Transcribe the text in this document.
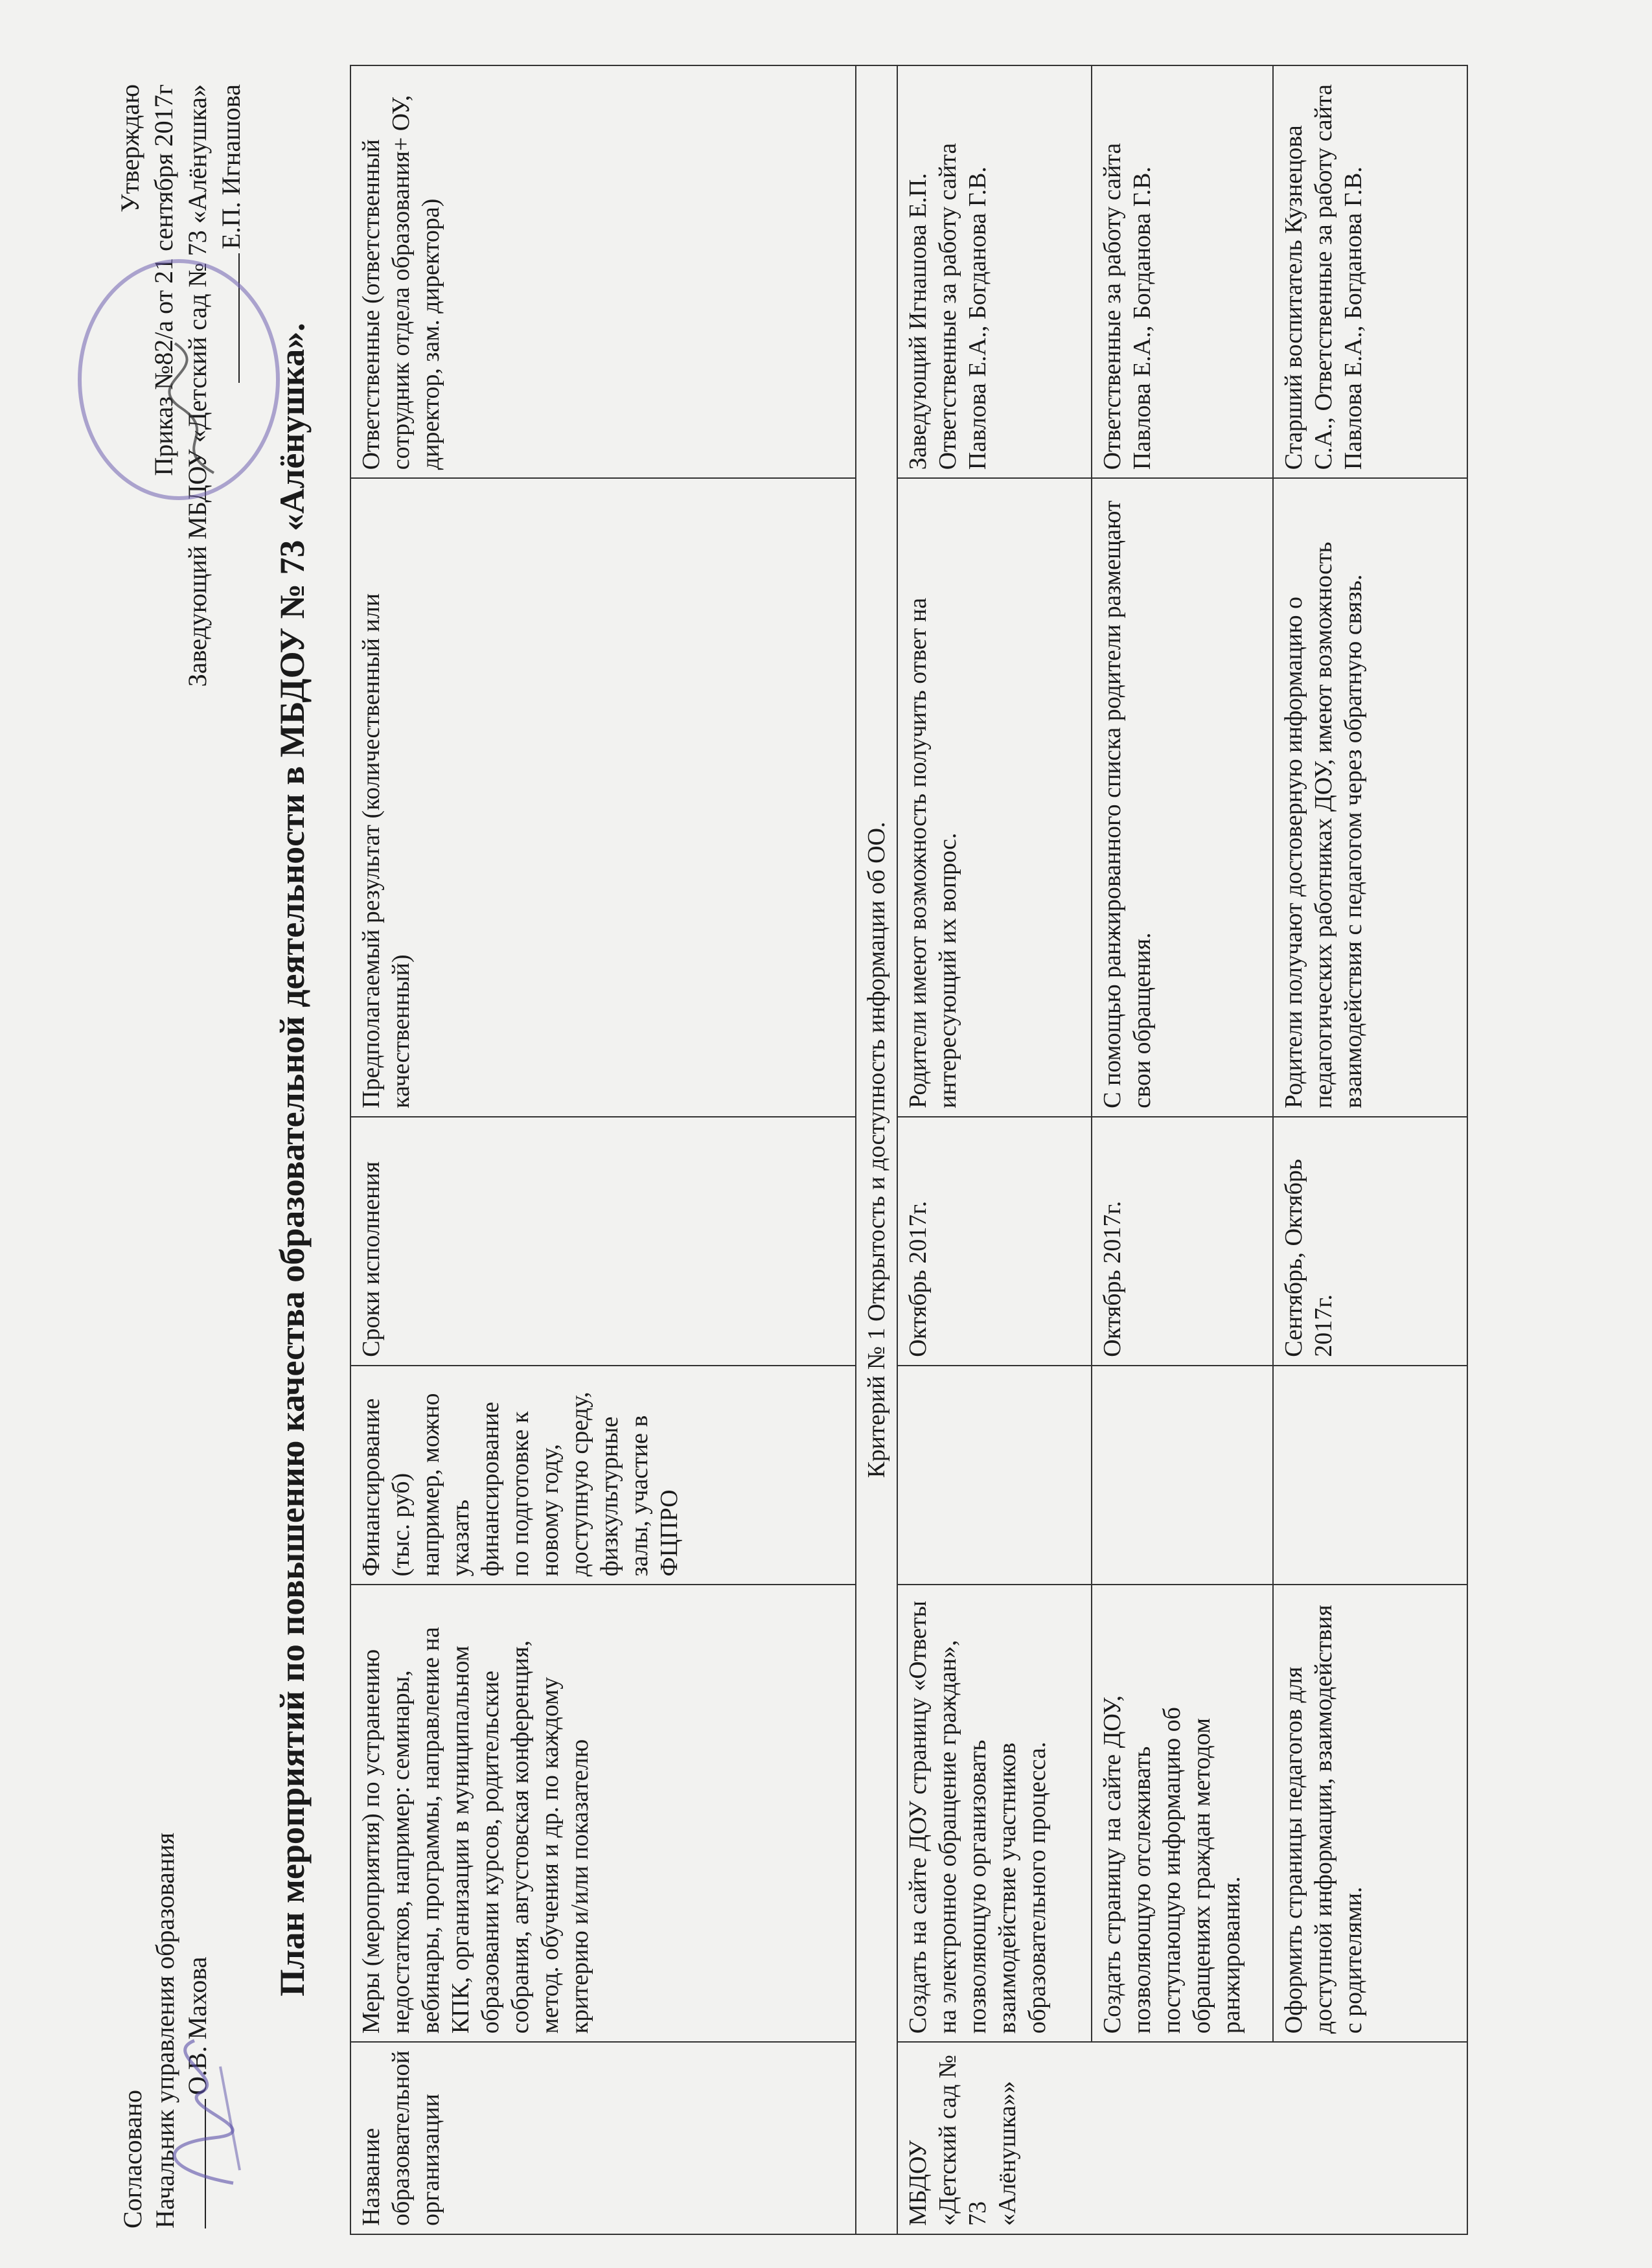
Согласовано Начальник управления образования О.В. Махова
Утверждаю Приказ №82/а от 21 сентября 2017г Заведующий МБДОУ «Детский сад № 73 «Алёнушка» Е.П. Игнашова
План мероприятий по повышению качества образовательной деятельности в МБДОУ № 73 «Алёнушка».
Название образовательной организации	Меры (мероприятия) по устранению недостатков, например: семинары, вебинары, программы, направление на КПК, организации в муниципальном образовании курсов, родительские собрания, августовская конференция, метод. обучения и др. по каждому критерию и/или показателю	Финансирование (тыс. руб) например, можно указать финансирование по подготовке к новому году, доступную среду, физкультурные залы, участие в ФЦПРО	Сроки исполнения	Предполагаемый результат (количественный или качественный)	Ответственные (ответственный сотрудник отдела образования+ ОУ, директор, зам. директора)
Критерий № 1 Открытость и доступность информации об ОО.					
МБДОУ «Детский сад № 73 «Алёнушка»»	Создать на сайте ДОУ страницу «Ответы на электронное обращение граждан», позволяющую организовать взаимодействие участников образовательного процесса.		Октябрь 2017г.	Родители имеют возможность получить ответ на интересующий их вопрос.	Заведующий Игнашова Е.П. Ответственные за работу сайта Павлова Е.А., Богданова Г.В.
	Создать страницу на сайте ДОУ, позволяющую отслеживать поступающую информацию об обращениях граждан методом ранжирования.		Октябрь 2017г.	С помощью ранжированного списка родители размещают свои обращения.	Ответственные за работу сайта Павлова Е.А., Богданова Г.В.
	Оформить страницы педагогов для доступной информации, взаимодействия с родителями.		Сентябрь, Октябрь 2017г.	Родители получают достоверную информацию о педагогических работниках ДОУ, имеют возможность взаимодействия с педагогом через обратную связь.	Старший воспитатель Кузнецова С.А., Ответственные за работу сайта Павлова Е.А., Богданова Г.В.
